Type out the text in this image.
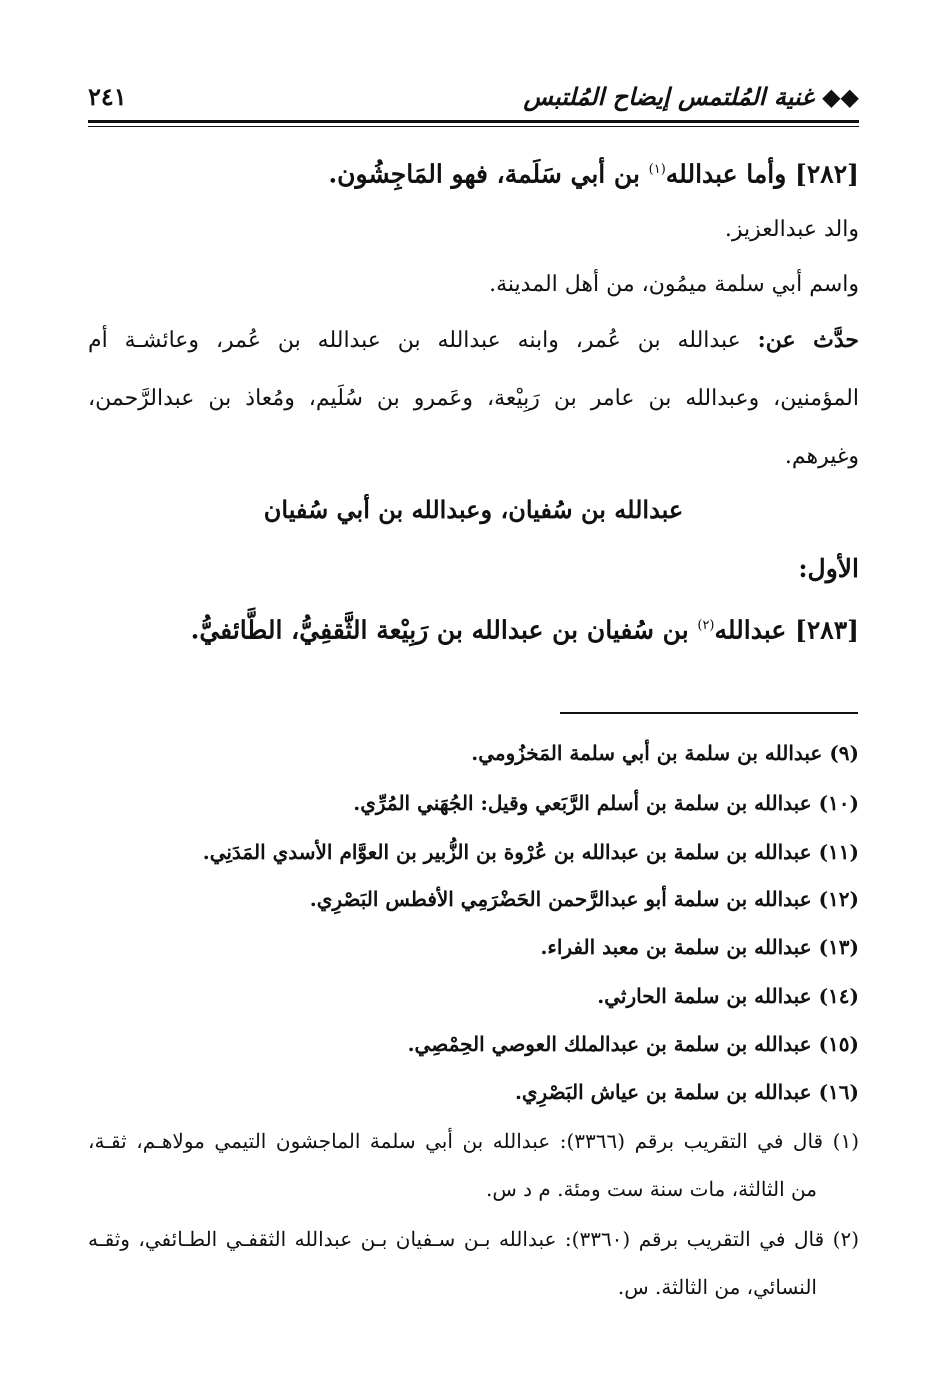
◆◆ غنية المُلتمس إيضاح المُلتبس
٢٤١
[٢٨٢] وأما عبدالله$^{(١)}$ بن أبي سَلَمة، فهو المَاجِشُون.
والد عبدالعزيز.
واسم أبي سلمة ميمُون، من أهل المدينة.
حدَّث عن: عبدالله بن عُمر، وابنه عبدالله بن عبدالله بن عُمر، وعائشـة أم
المؤمنين، وعبدالله بن عامر بن رَبِيْعة، وعَمرو بن سُلَيم، ومُعاذ بن عبدالرَّحمن،
وغيرهم.
عبدالله بن سُفيان، وعبدالله بن أبي سُفيان
الأول:
[٢٨٣] عبدالله$^{(٢)}$ بن سُفيان بن عبدالله بن رَبِيْعة الثَّقفِيُّ، الطَّائفيُّ.
(٩) عبدالله بن سلمة بن أبي سلمة المَخزُومي.
(١٠) عبدالله بن سلمة بن أسلم الرَّبَعي وقيل: الجُهَني المُرِّي.
(١١) عبدالله بن سلمة بن عبدالله بن عُرْوة بن الزُّبير بن العوَّام الأسدي المَدَنِي.
(١٢) عبدالله بن سلمة أبو عبدالرَّحمن الحَضْرَمِي الأفطس البَصْرِي.
(١٣) عبدالله بن سلمة بن معبد الفراء.
(١٤) عبدالله بن سلمة الحارثي.
(١٥) عبدالله بن سلمة بن عبدالملك العوصي الحِمْصِي.
(١٦) عبدالله بن سلمة بن عياش البَصْرِي.
(١) قال في التقريب برقم (٣٣٦٦): عبدالله بن أبي سلمة الماجشون التيمي مولاهـم، ثقـة،
من الثالثة، مات سنة ست ومئة. م د س.
(٢) قال في التقريب برقم (٣٣٦٠): عبدالله بـن سـفيان بـن عبدالله الثقفـي الطـائفي، وثقـه
النسائي، من الثالثة. س.
